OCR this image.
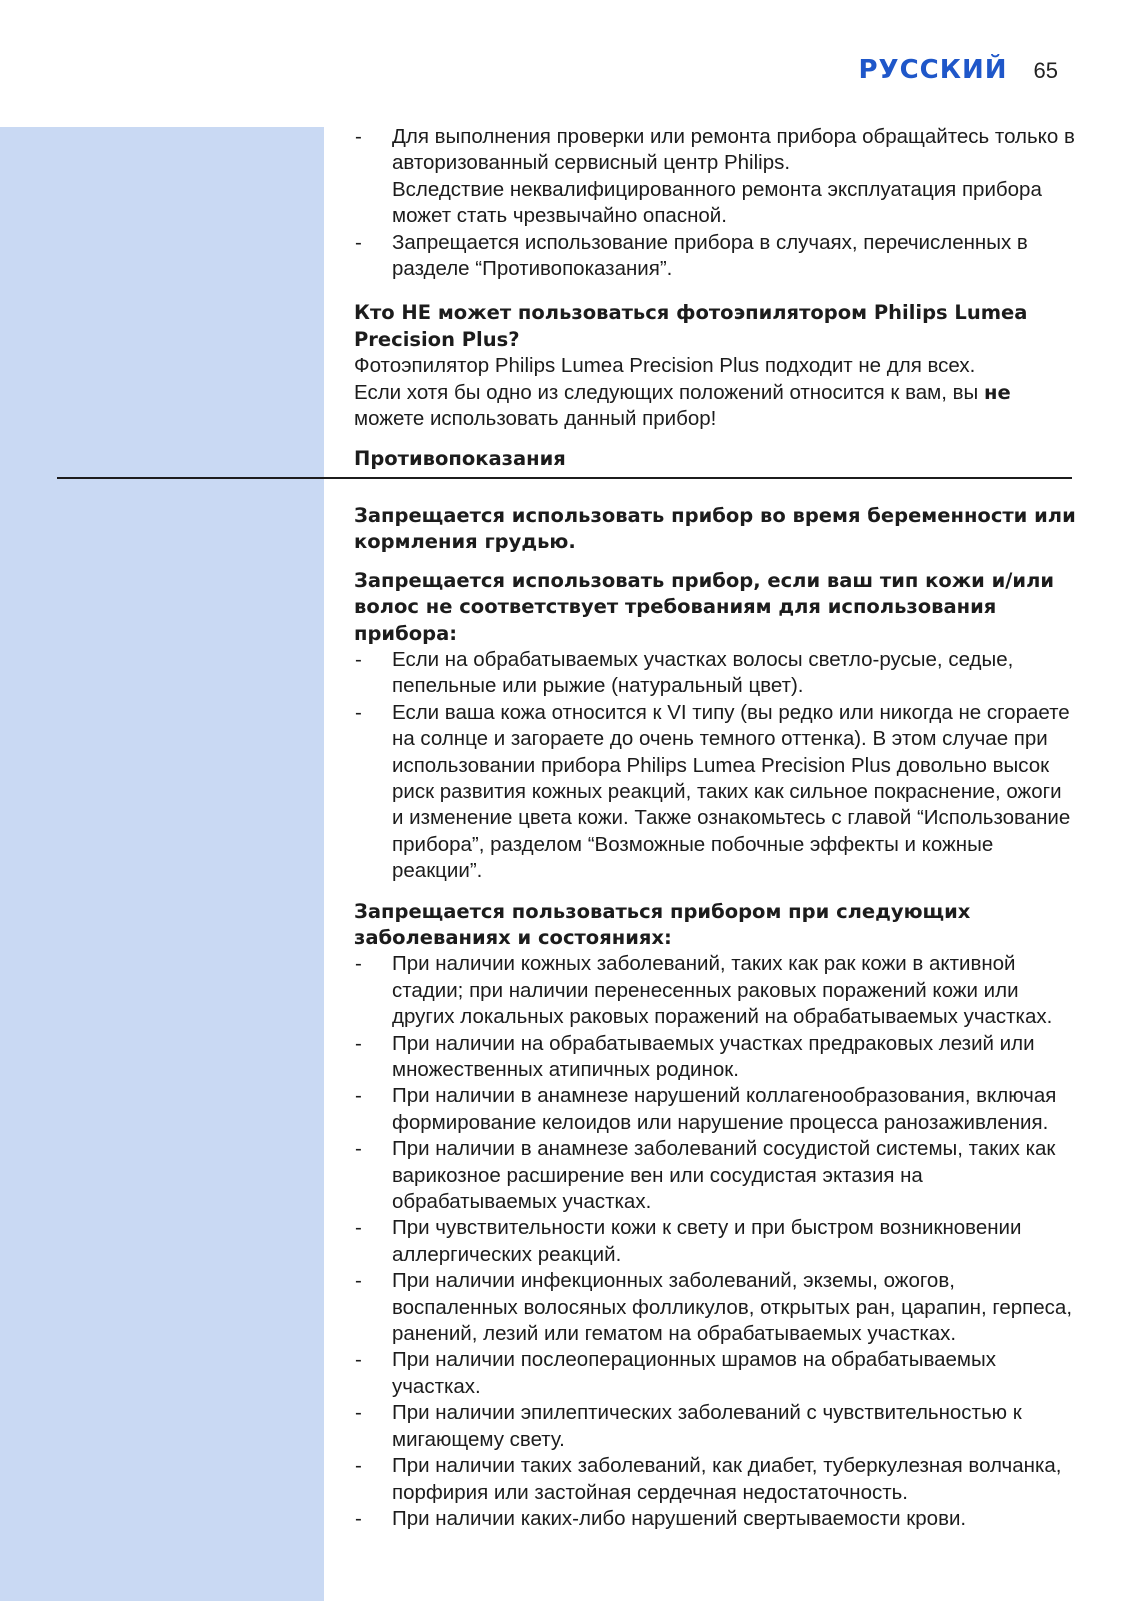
РУССКИЙ 65
- Для выполнения проверки или ремонта прибора обращайтесь только в авторизованный сервисный центр Philips.
Вследствие неквалифицированного ремонта эксплуатация прибора может стать чрезвычайно опасной.
- Запрещается использование прибора в случаях, перечисленных в разделе “Противопоказания”.

Кто НЕ может пользоваться фотоэпилятором Philips Lumea Precision Plus?

Фотоэпилятор Philips Lumea Precision Plus подходит не для всех.

Если хотя бы одно из следующих положений относится к вам, вы не можете использовать данный прибор!

Противопоказания

Запрещается использовать прибор во время беременности или кормления грудью.

Запрещается использовать прибор, если ваш тип кожи и/или волос не соответствует требованиям для использования прибора:

- Если на обрабатываемых участках волосы светло-русые, седые, пепельные или рыжие (натуральный цвет).
- Если ваша кожа относится к VI типу (вы редко или никогда не сгораете на солнце и загораете до очень темного оттенка). В этом случае при использовании прибора Philips Lumea Precision Plus довольно высок риск развития кожных реакций, таких как сильное покраснение, ожоги и изменение цвета кожи. Также ознакомьтесь с главой “Использование прибора”, разделом “Возможные побочные эффекты и кожные реакции”.

Запрещается пользоваться прибором при следующих заболеваниях и состояниях:

- При наличии кожных заболеваний, таких как рак кожи в активной стадии; при наличии перенесенных раковых поражений кожи или других локальных раковых поражений на обрабатываемых участках.
- При наличии на обрабатываемых участках предраковых лезий или множественных атипичных родинок.
- При наличии в анамнезе нарушений коллагенообразования, включая формирование келоидов или нарушение процесса ранозаживления.
- При наличии в анамнезе заболеваний сосудистой системы, таких как варикозное расширение вен или сосудистая эктазия на обрабатываемых участках.
- При чувствительности кожи к свету и при быстром возникновении аллергических реакций.
- При наличии инфекционных заболеваний, экземы, ожогов, воспаленных волосяных фолликулов, открытых ран, царапин, герпеса, ранений, лезий или гематом на обрабатываемых участках.
- При наличии послеоперационных шрамов на обрабатываемых участках.
- При наличии эпилептических заболеваний с чувствительностью к мигающему свету.
- При наличии таких заболеваний, как диабет, туберкулезная волчанка, порфирия или застойная сердечная недостаточность.
- При наличии каких-либо нарушений свертываемости крови.
